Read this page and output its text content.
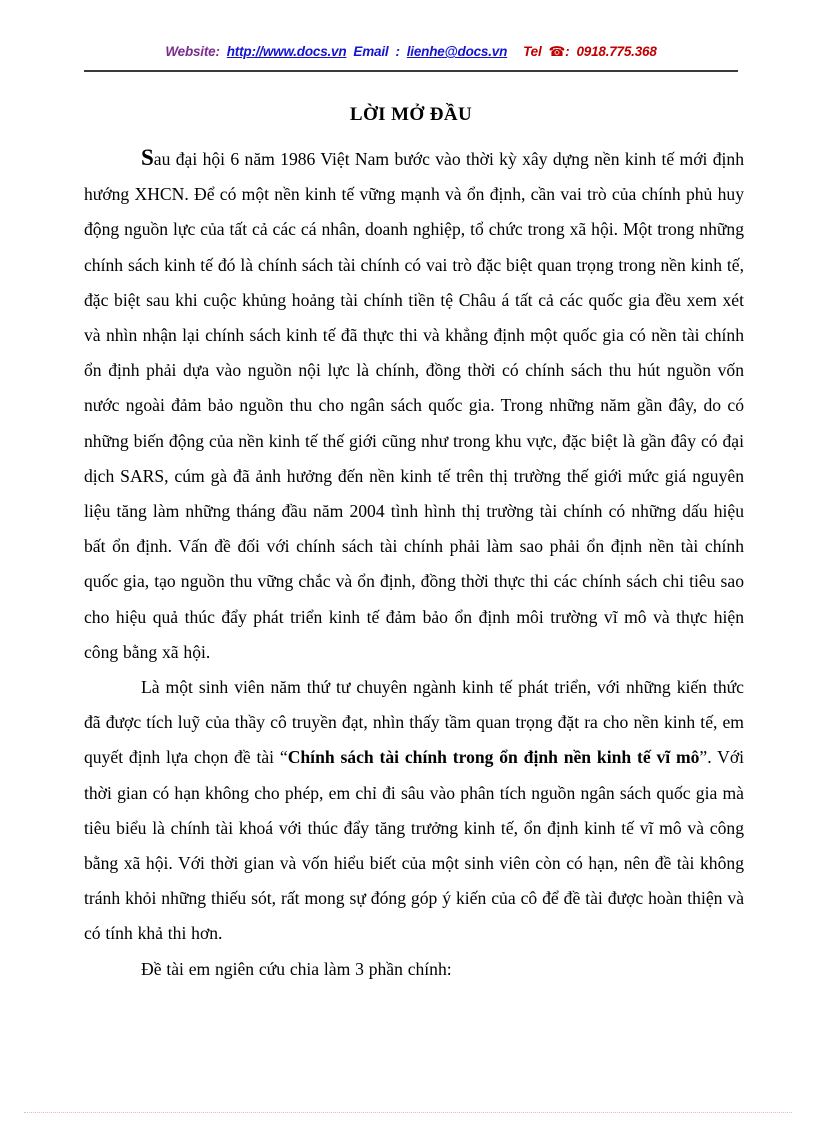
Website: http://www.docs.vn Email : lienhe@docs.vn Tel ☎: 0918.775.368
LỜI MỞ ĐẦU

Sau đại hội 6 năm 1986 Việt Nam bước vào thời kỳ xây dựng nền kinh tế mới định hướng XHCN. Để có một nền kinh tế vững mạnh và ổn định, cần vai trò của chính phủ huy động nguồn lực của tất cả các cá nhân, doanh nghiệp, tổ chức trong xã hội. Một trong những chính sách kinh tế đó là chính sách tài chính có vai trò đặc biệt quan trọng trong nền kinh tế, đặc biệt sau khi cuộc khủng hoảng tài chính tiền tệ Châu á tất cả các quốc gia đều xem xét và nhìn nhận lại chính sách kinh tế đã thực thi và khẳng định một quốc gia có nền tài chính ổn định phải dựa vào nguồn nội lực là chính, đồng thời có chính sách thu hút nguồn vốn nước ngoài đảm bảo nguồn thu cho ngân sách quốc gia. Trong những năm gần đây, do có những biến động của nền kinh tế thế giới cũng như trong khu vực, đặc biệt là gần đây có đại dịch SARS, cúm gà đã ảnh hưởng đến nền kinh tế trên thị trường thế giới mức giá nguyên liệu tăng làm những tháng đầu năm 2004 tình hình thị trường tài chính có những dấu hiệu bất ổn định. Vấn đề đối với chính sách tài chính phải làm sao phải ổn định nền tài chính quốc gia, tạo nguồn thu vững chắc và ổn định, đồng thời thực thi các chính sách chi tiêu sao cho hiệu quả thúc đẩy phát triển kinh tế đảm bảo ổn định môi trường vĩ mô và thực hiện công bằng xã hội.

Là một sinh viên năm thứ tư chuyên ngành kinh tế phát triển, với những kiến thức đã được tích luỹ của thầy cô truyền đạt, nhìn thấy tầm quan trọng đặt ra cho nền kinh tế, em quyết định lựa chọn đề tài “Chính sách tài chính trong ổn định nền kinh tế vĩ mô”. Với thời gian có hạn không cho phép, em chỉ đi sâu vào phân tích nguồn ngân sách quốc gia mà tiêu biểu là chính tài khoá với thúc đẩy tăng trưởng kinh tế, ổn định kinh tế vĩ mô và công bằng xã hội. Với thời gian và vốn hiểu biết của một sinh viên còn có hạn, nên đề tài không tránh khỏi những thiếu sót, rất mong sự đóng góp ý kiến của cô để đề tài được hoàn thiện và có tính khả thi hơn.

Đề tài em ngiên cứu chia làm 3 phần chính:
